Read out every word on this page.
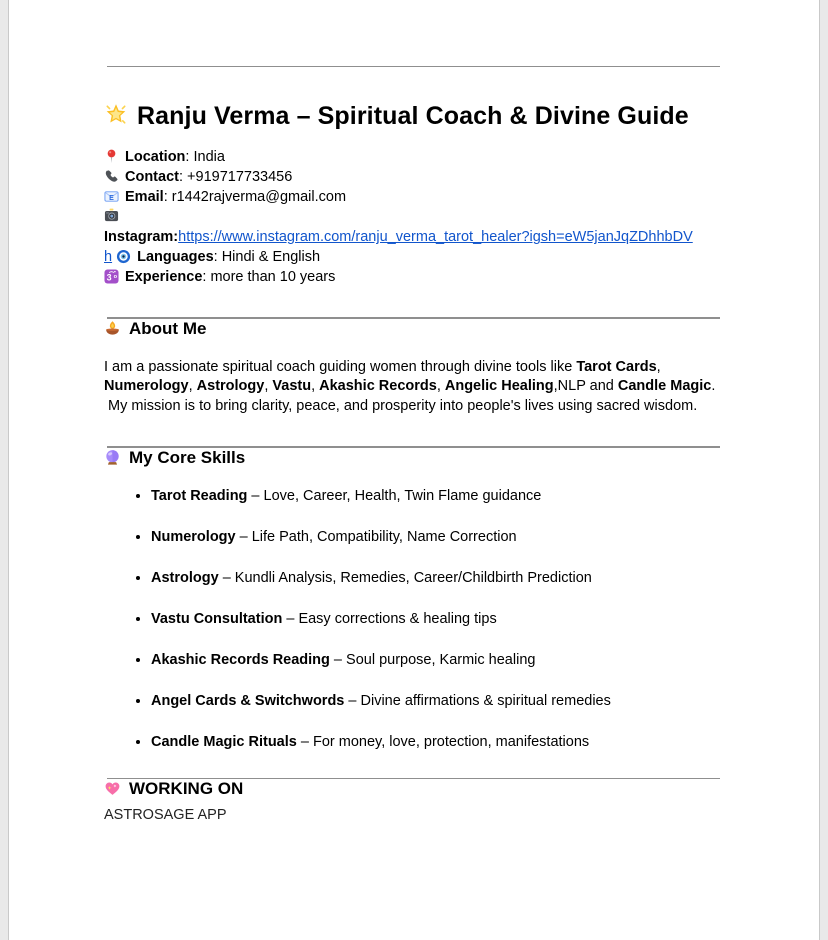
Ranju Verma – Spiritual Coach & Divine Guide
Location: India
Contact: +919717733456
E Email: r1442rajverma@gmail.com
Instagram:https://www.instagram.com/ranju_verma_tarot_healer?igsh=eW5janJqZDhhbDV
h Languages: Hindi & English
3 o Experience: more than 10 years
About Me
I am a passionate spiritual coach guiding women through divine tools like Tarot Cards, Numerology, Astrology, Vastu, Akashic Records, Angelic Healing,NLP and Candle Magic.
My mission is to bring clarity, peace, and prosperity into people's lives using sacred wisdom.
My Core Skills
• Tarot Reading – Love, Career, Health, Twin Flame guidance
• Numerology – Life Path, Compatibility, Name Correction
• Astrology – Kundli Analysis, Remedies, Career/Childbirth Prediction
• Vastu Consultation – Easy corrections & healing tips
• Akashic Records Reading – Soul purpose, Karmic healing
• Angel Cards & Switchwords – Divine affirmations & spiritual remedies
• Candle Magic Rituals – For money, love, protection, manifestations
WORKING ON
ASTROSAGE APP
